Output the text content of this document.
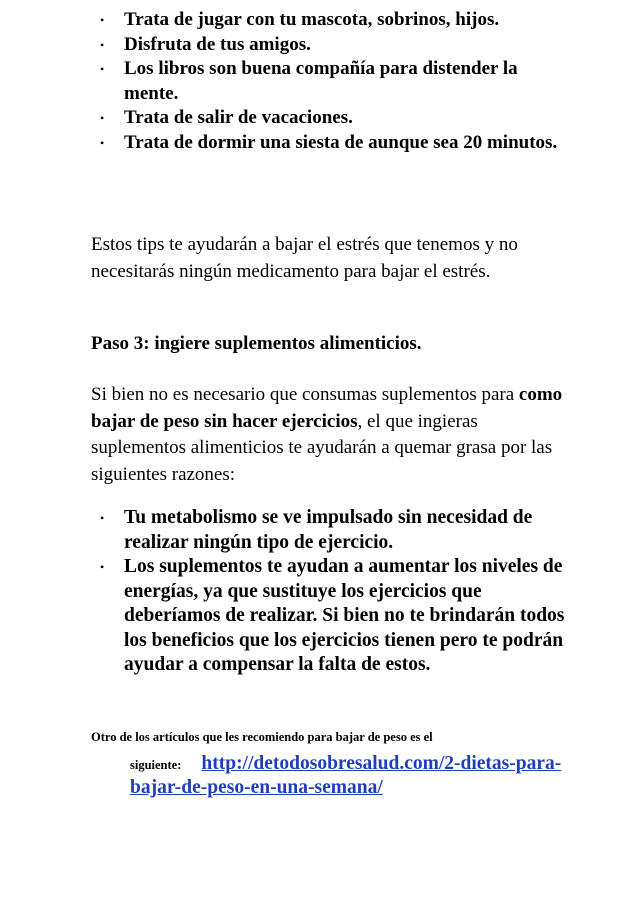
• Trata de jugar con tu mascota, sobrinos, hijos.
• Disfruta de tus amigos.
• Los libros son buena compañía para distender la mente.
• Trata de salir de vacaciones.
• Trata de dormir una siesta de aunque sea 20 minutos.

Estos tips te ayudarán a bajar el estrés que tenemos y no necesitarás ningún medicamento para bajar el estrés.

Paso 3: ingiere suplementos alimenticios.

Si bien no es necesario que consumas suplementos para como bajar de peso sin hacer ejercicios, el que ingieras suplementos alimenticios te ayudarán a quemar grasa por las siguientes razones:

• Tu metabolismo se ve impulsado sin necesidad de realizar ningún tipo de ejercicio.
• Los suplementos te ayudan a aumentar los niveles de energías, ya que sustituye los ejercicios que deberíamos de realizar. Si bien no te brindarán todos los beneficios que los ejercicios tienen pero te podrán ayudar a compensar la falta de estos.

Otro de los artículos que les recomiendo para bajar de peso es el

siguiente: http://detodosobresalud.com/2-dietas-para-bajar-de-peso-en-una-semana/
